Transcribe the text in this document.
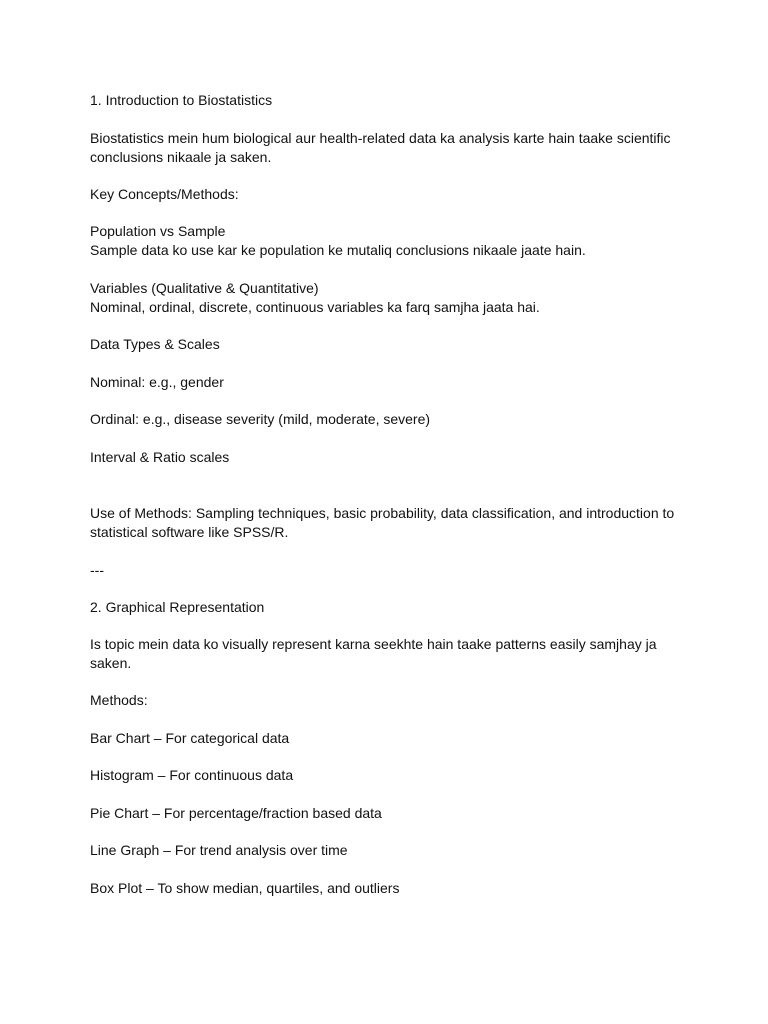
1. Introduction to Biostatistics

Biostatistics mein hum biological aur health-related data ka analysis karte hain taake scientific

conclusions nikaale ja saken.

Key Concepts/Methods:

Population vs Sample

Sample data ko use kar ke population ke mutaliq conclusions nikaale jaate hain.

Variables (Qualitative & Quantitative)

Nominal, ordinal, discrete, continuous variables ka farq samjha jaata hai.

Data Types & Scales

Nominal: e.g., gender

Ordinal: e.g., disease severity (mild, moderate, severe)

Interval & Ratio scales

Use of Methods: Sampling techniques, basic probability, data classification, and introduction to

statistical software like SPSS/R.

---

2. Graphical Representation

Is topic mein data ko visually represent karna seekhte hain taake patterns easily samjhay ja

saken.

Methods:

Bar Chart – For categorical data

Histogram – For continuous data

Pie Chart – For percentage/fraction based data

Line Graph – For trend analysis over time

Box Plot – To show median, quartiles, and outliers
